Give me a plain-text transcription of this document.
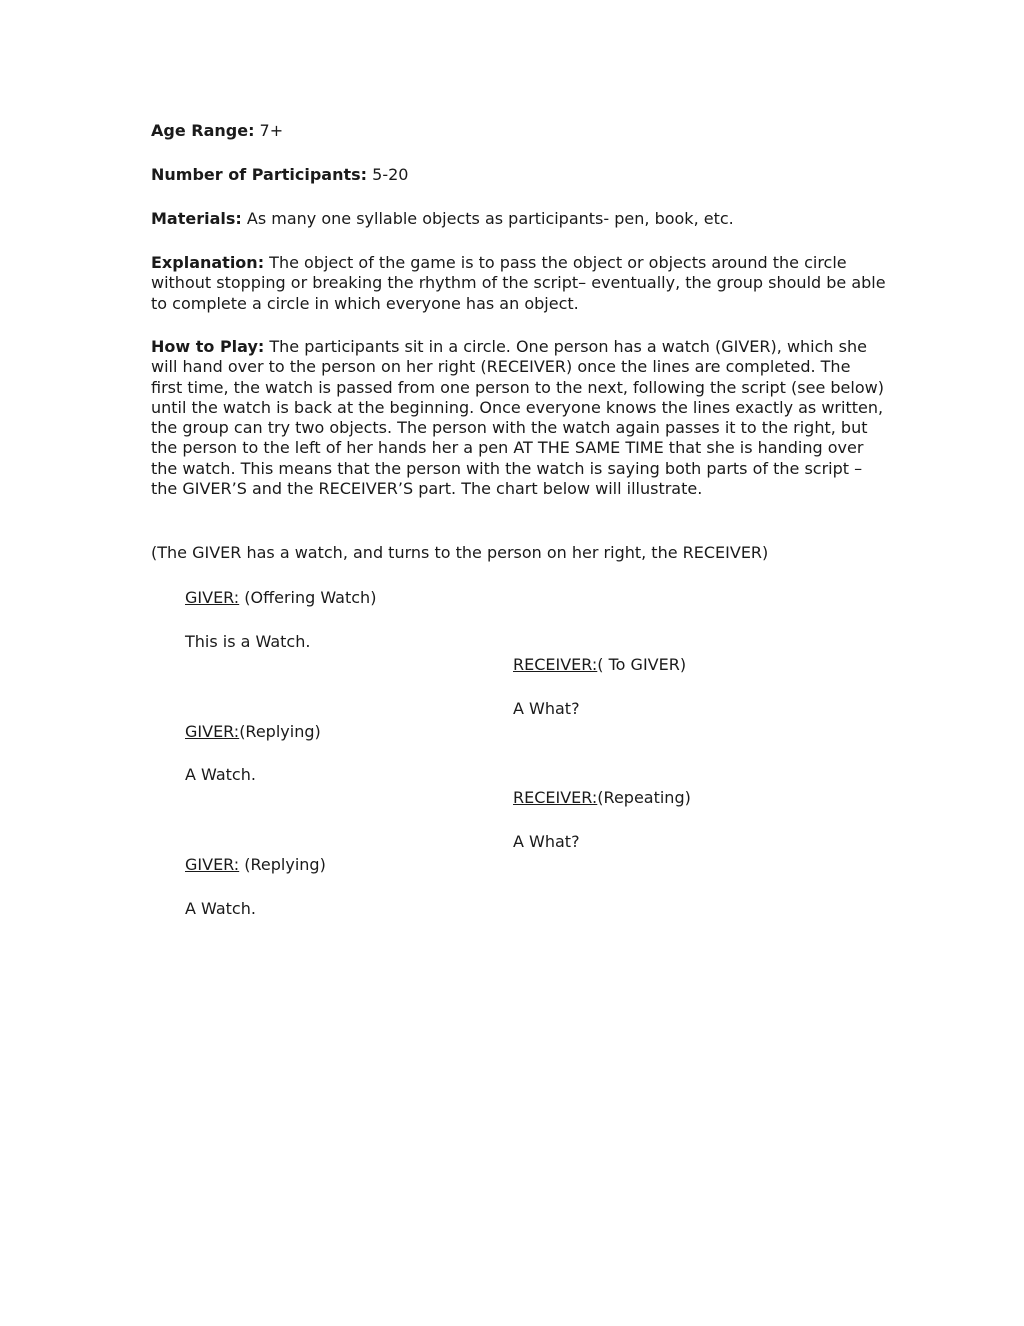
Age Range: 7+

Number of Participants: 5-20

Materials: As many one syllable objects as participants- pen, book, etc.

Explanation: The object of the game is to pass the object or objects around the circle without stopping or breaking the rhythm of the script– eventually, the group should be able to complete a circle in which everyone has an object.

How to Play: The participants sit in a circle. One person has a watch (GIVER), which she will hand over to the person on her right (RECEIVER) once the lines are completed. The first time, the watch is passed from one person to the next, following the script (see below) until the watch is back at the beginning. Once everyone knows the lines exactly as written, the group can try two objects. The person with the watch again passes it to the right, but the person to the left of her hands her a pen AT THE SAME TIME that she is handing over the watch. This means that the person with the watch is saying both parts of the script – the GIVER’S and the RECEIVER’S part. The chart below will illustrate.

(The GIVER has a watch, and turns to the person on her right, the RECEIVER)

GIVER: (Offering Watch)

This is a Watch.

RECEIVER:( To GIVER)

A What?

GIVER:(Replying)

A Watch.

RECEIVER:(Repeating)

A What?

GIVER: (Replying)

A Watch.
